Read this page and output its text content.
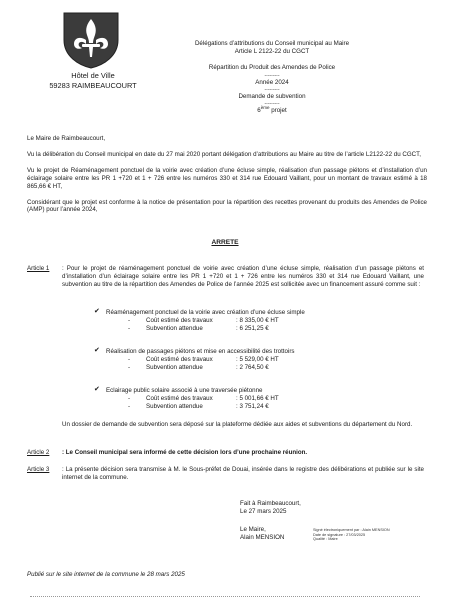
Hôtel de Ville
59283 RAIMBEAUCOURT
Délégations d’attributions du Conseil municipal au Maire
Article L 2122-22 du CGCT
Répartition du Produit des Amendes de Police
---------
Année 2024
---------
Demande de subvention
---------
6ème projet

Le Maire de Raimbeaucourt,

Vu la délibération du Conseil municipal en date du 27 mai 2020 portant délégation d’attributions au Maire au titre de l’article L2122-22 du CGCT,

Vu le projet de Réaménagement ponctuel de la voirie avec création d’une écluse simple, réalisation d’un passage piétons et d’installation d’un éclairage solaire entre les PR 1 +720 et 1 + 726 entre les numéros 330 et 314 rue Edouard Vaillant, pour un montant de travaux estimé à 18 865,66 € HT,

Considérant que le projet est conforme à la notice de présentation pour la répartition des recettes provenant du produits des Amendes de Police (AMP) pour l’année 2024,

ARRETE
Article 1 : Pour le projet de réaménagement ponctuel de voirie avec création d’une écluse simple, réalisation d’un passage piétons et d’installation d’un éclairage solaire entre les PR 1 +720 et 1 + 726 entre les numéros 330 et 314 rue Edouard Vaillant, une subvention au titre de la répartition des Amendes de Police de l’année 2025 est sollicitée avec un financement assuré comme suit :
✔ Réaménagement ponctuel de la voirie avec création d’une écluse simple
-	Coût estimé des travaux	: 8 335,00 € HT
-	Subvention attendue	: 6 251,25 €
✔ Réalisation de passages piétons et mise en accessibilité des trottoirs
-	Coût estimé des travaux	: 5 529,00 € HT
-	Subvention attendue	: 2 764,50 €
✔ Eclairage public solaire associé à une traversée piétonne
-	Coût estimé des travaux	: 5 001,66 € HT
-	Subvention attendue	: 3 751,24 €
Un dossier de demande de subvention sera déposé sur la plateforme dédiée aux aides et subventions du département du Nord.
Article 2 : Le Conseil municipal sera informé de cette décision lors d’une prochaine réunion.
Article 3 : La présente décision sera transmise à M. le Sous-préfet de Douai, insérée dans le registre des délibérations et publiée sur le site internet de la commune.
Fait à Raimbeaucourt,
Le 27 mars 2025
Le Maire,
Alain MENSION
Signé électroniquement par : Alain MENSION
Date de signature : 27/03/2025
Qualité : Maire
Publié sur le site internet de la commune le 28 mars 2025
